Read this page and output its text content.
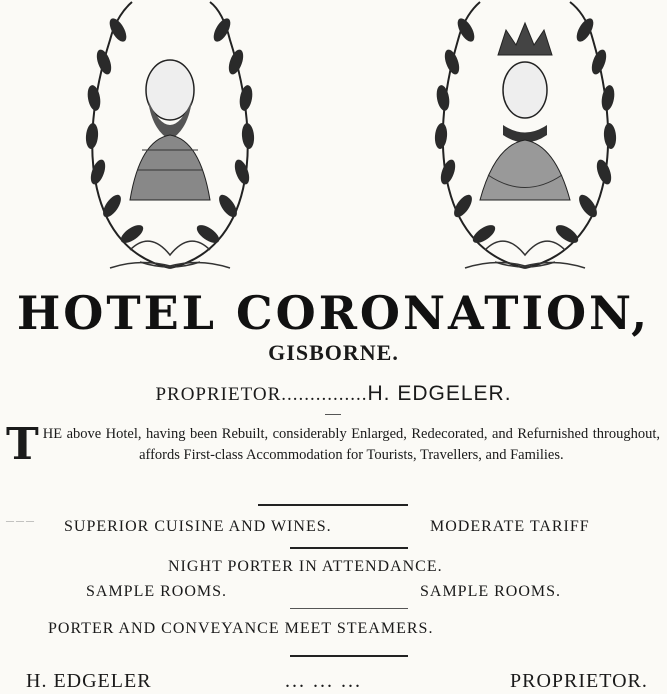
HOTEL CORONATION,
GISBORNE.
PROPRIETOR...............H. EDGELER.
T HE above Hotel, having been Rebuilt, considerably Enlarged, Redecorated, and Refurnished throughout, affords First-class Accommodation for Tourists, Travellers, and Families.
— — — SUPERIOR CUISINE AND WINES.	MODERATE TARIFF
NIGHT PORTER IN ATTENDANCE.
SAMPLE ROOMS.	SAMPLE ROOMS.
PORTER AND CONVEYANCE MEET STEAMERS.
H. EDGELER	... ... ...	PROPRIETOR.
